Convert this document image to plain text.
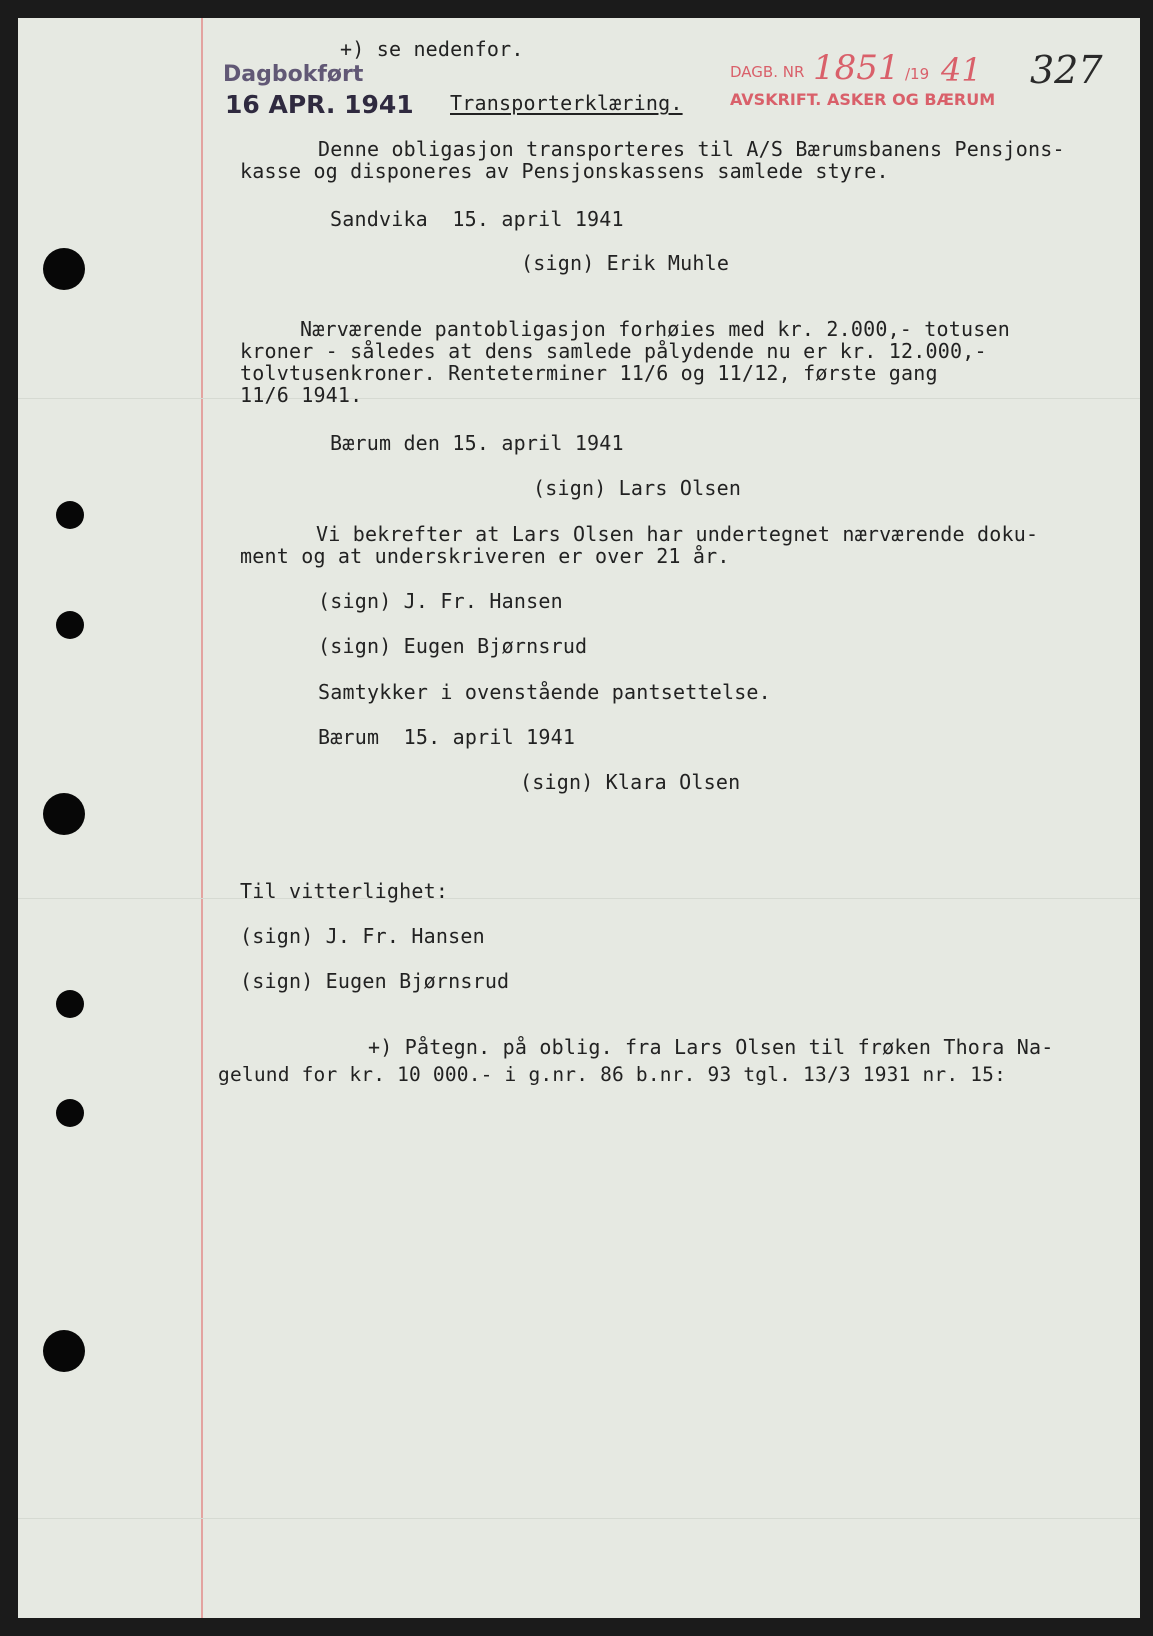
Dagbokført
16 APR. 1941
DAGB. NR 1851 /19 41
AVSKRIFT. ASKER OG BÆRUM
327
+) se nedenfor.
Transporterklæring.
Denne obligasjon transporteres til A/S Bærumsbanens Pensjons-
kasse og disponeres av Pensjonskassens samlede styre.
Sandvika  15. april 1941
(sign) Erik Muhle
Nærværende pantobligasjon forhøies med kr. 2.000,- totusen
kroner - således at dens samlede pålydende nu er kr. 12.000,-
tolvtusenkroner. Renteterminer 11/6 og 11/12, første gang
11/6 1941.
Bærum den 15. april 1941
(sign) Lars Olsen
Vi bekrefter at Lars Olsen har undertegnet nærværende doku-
ment og at underskriveren er over 21 år.
(sign) J. Fr. Hansen
(sign) Eugen Bjørnsrud
Samtykker i ovenstående pantsettelse.
Bærum  15. april 1941
(sign) Klara Olsen
Til vitterlighet:
(sign) J. Fr. Hansen
(sign) Eugen Bjørnsrud
+) Påtegn. på oblig. fra Lars Olsen til frøken Thora Na-
gelund for kr. 10 000.- i g.nr. 86 b.nr. 93 tgl. 13/3 1931 nr. 15:
